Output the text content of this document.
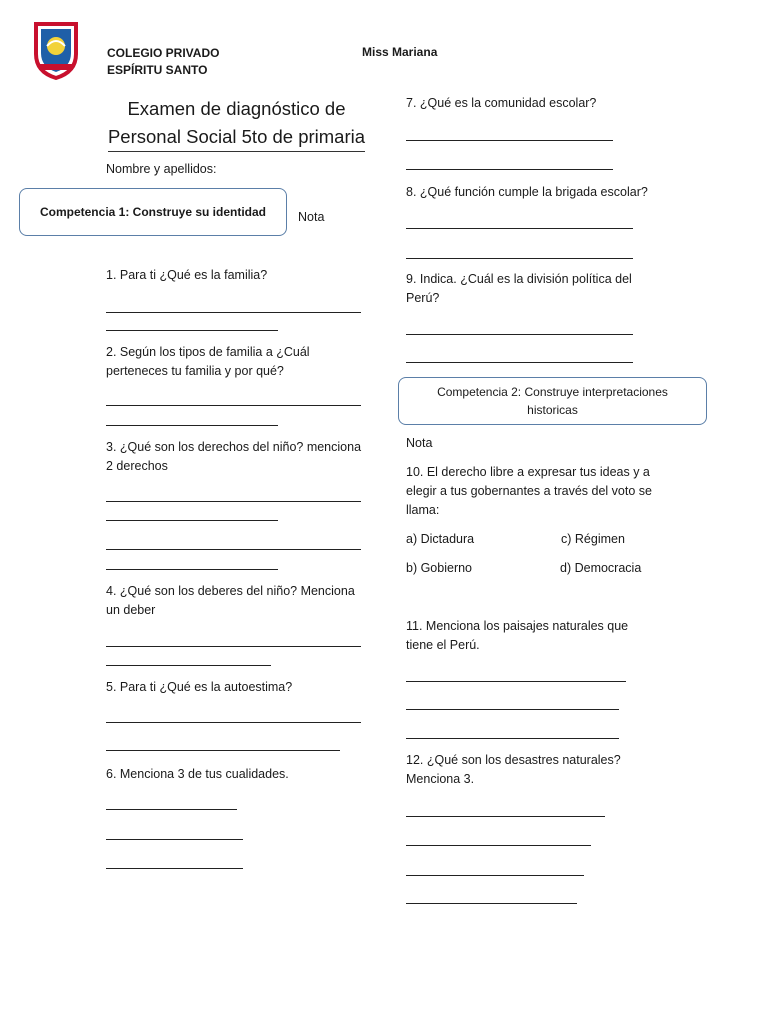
COLEGIO PRIVADO
ESPÍRITU SANTO
Miss Mariana
Examen de diagnóstico de
Personal Social 5to de primaria
Nombre y apellidos:
Competencia 1: Construye su identidad	Nota
1. Para ti ¿Qué es la familia?
2. Según los tipos de familia a ¿Cuál
perteneces tu familia y por qué?
3. ¿Qué son los derechos del niño? menciona
2 derechos
4. ¿Qué son los deberes del niño? Menciona
un deber
5. Para ti ¿Qué es la autoestima?
6. Menciona 3 de tus cualidades.
7. ¿Qué es la comunidad escolar?
8. ¿Qué función cumple la brigada escolar?
9. Indica. ¿Cuál es la división política del
Perú?
Competencia 2: Construye interpretaciones
historicas
Nota
10. El derecho libre a expresar tus ideas y a
elegir a tus gobernantes a través del voto se
llama:
a) Dictadura	c) Régimen
b) Gobierno	d) Democracia
11. Menciona los paisajes naturales que
tiene el Perú.
12. ¿Qué son los desastres naturales?
Menciona 3.
